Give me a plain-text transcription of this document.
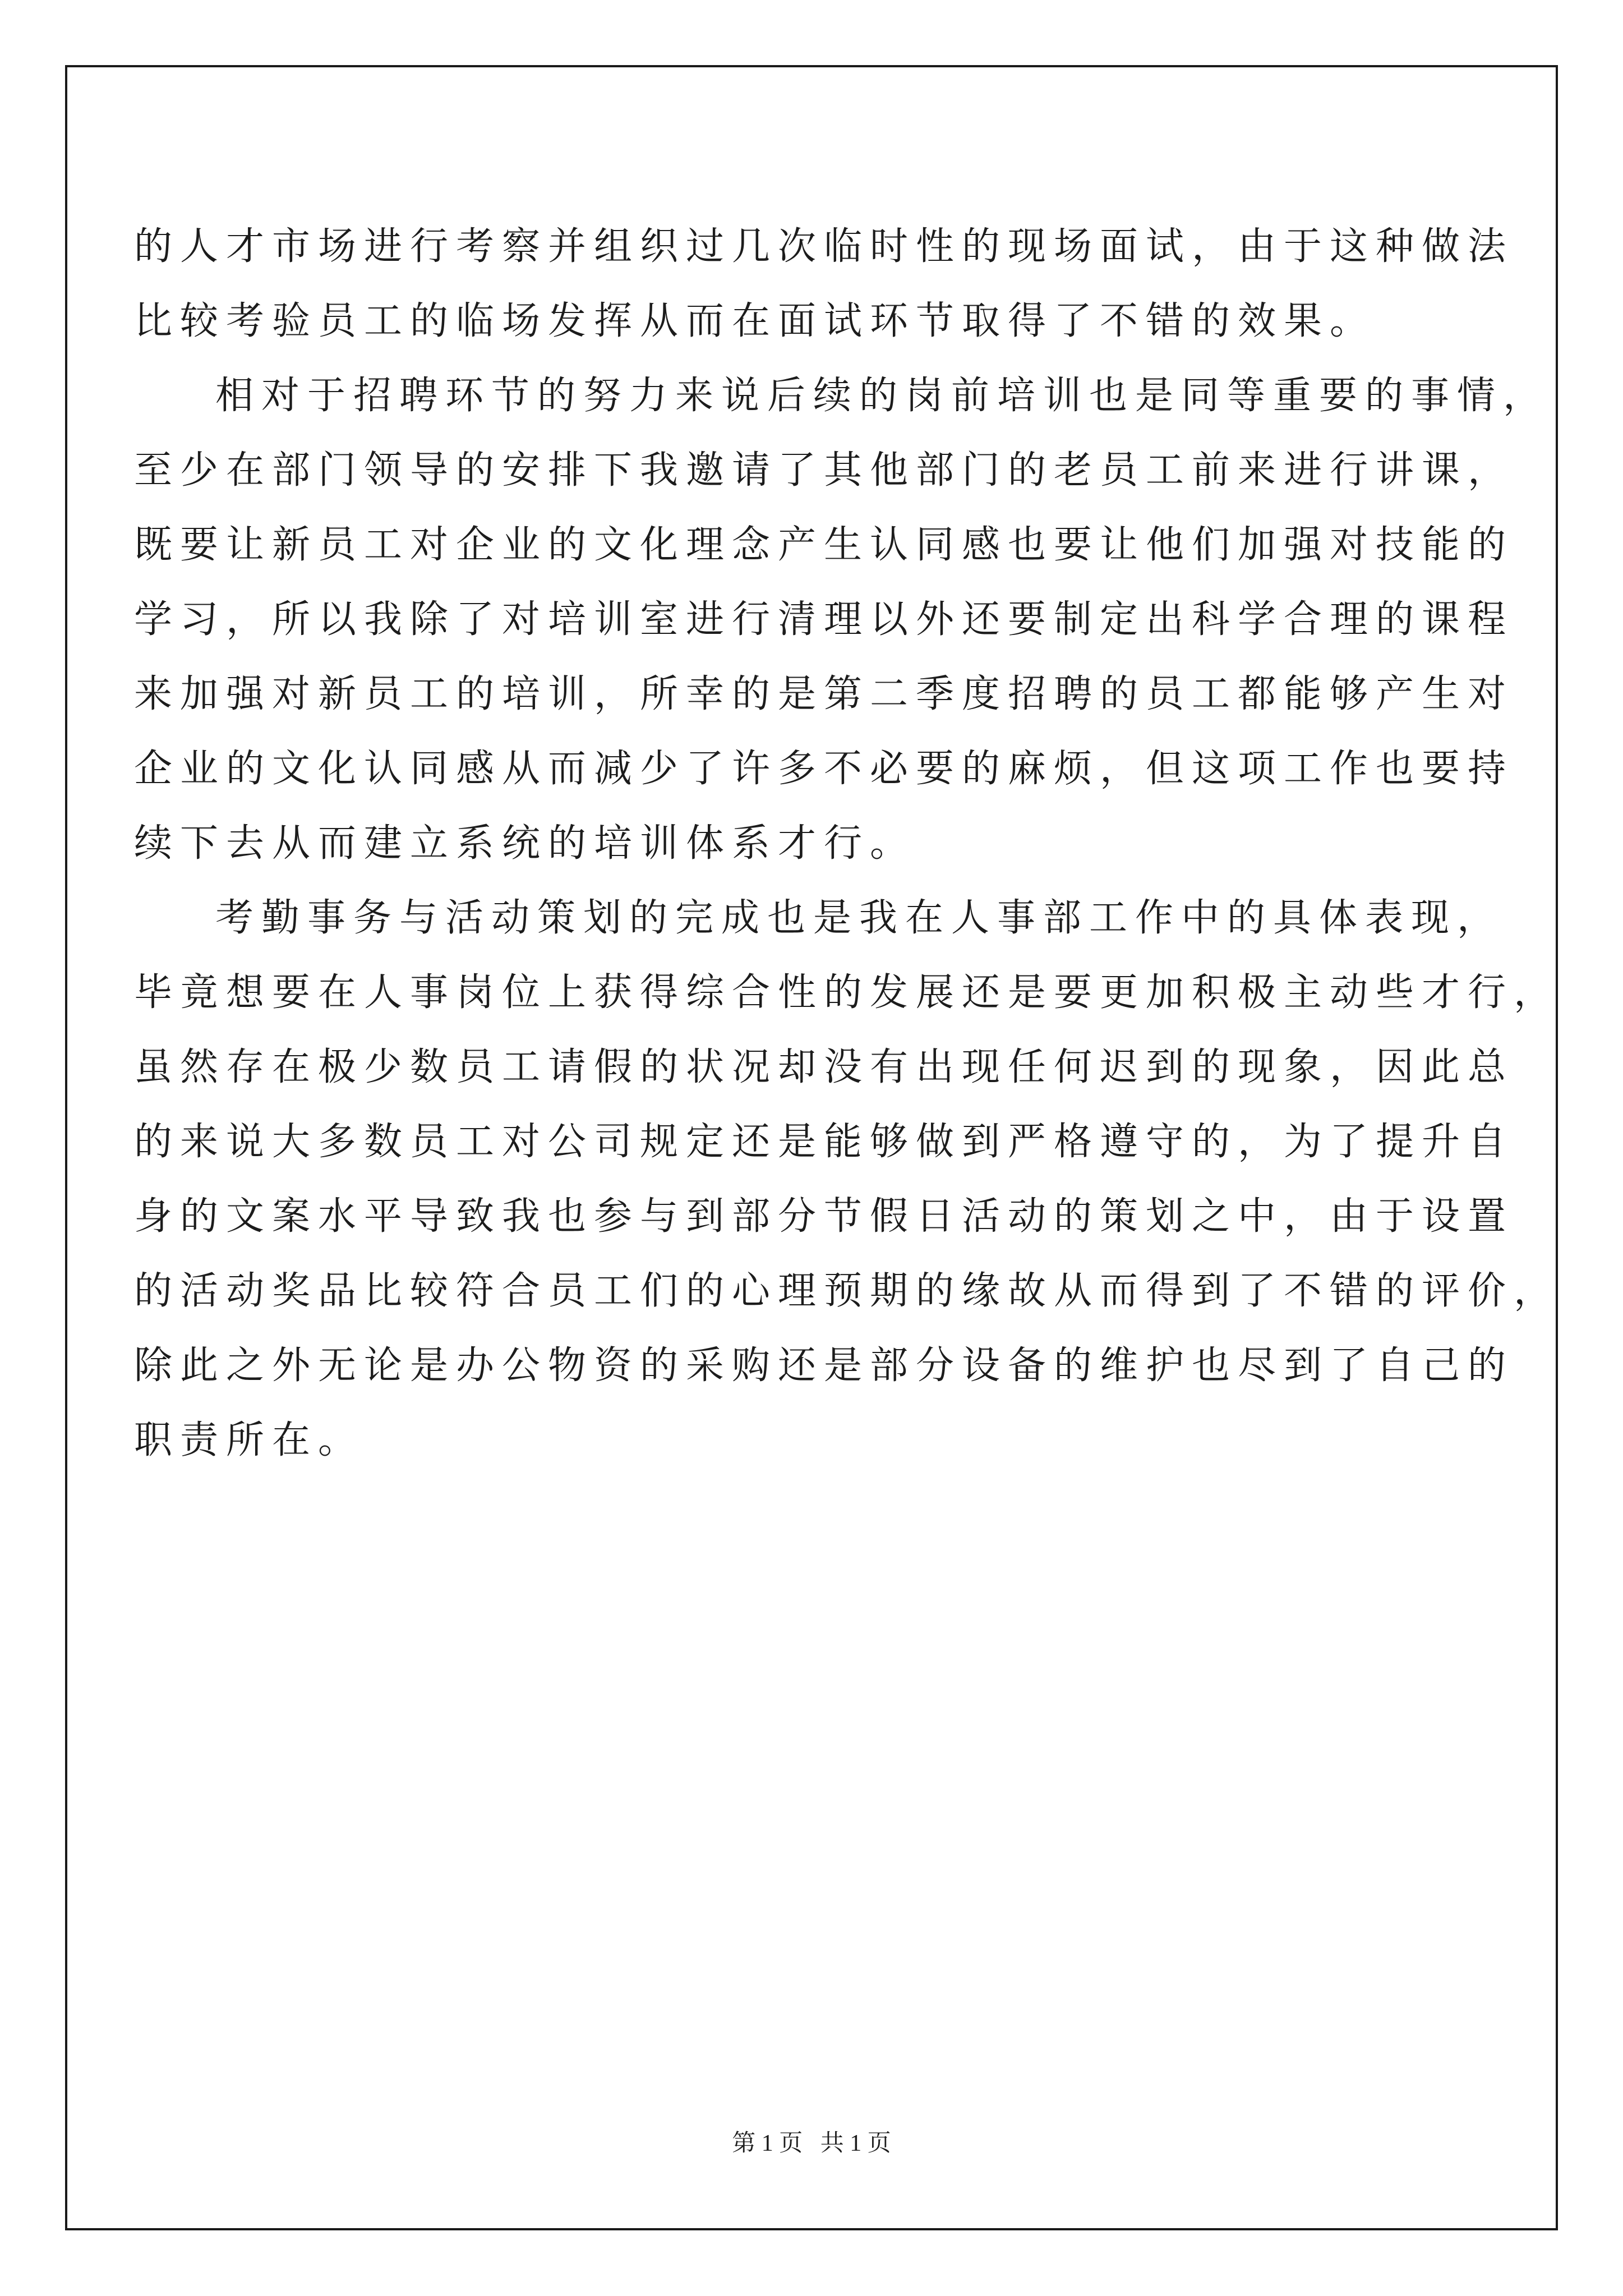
的人才市场进行考察并组织过几次临时性的现场面试，由于这种做法
比较考验员工的临场发挥从而在面试环节取得了不错的效果。
相对于招聘环节的努力来说后续的岗前培训也是同等重要的事情，
至少在部门领导的安排下我邀请了其他部门的老员工前来进行讲课，
既要让新员工对企业的文化理念产生认同感也要让他们加强对技能的
学习，所以我除了对培训室进行清理以外还要制定出科学合理的课程
来加强对新员工的培训，所幸的是第二季度招聘的员工都能够产生对
企业的文化认同感从而减少了许多不必要的麻烦，但这项工作也要持
续下去从而建立系统的培训体系才行。
考勤事务与活动策划的完成也是我在人事部工作中的具体表现，
毕竟想要在人事岗位上获得综合性的发展还是要更加积极主动些才行，
虽然存在极少数员工请假的状况却没有出现任何迟到的现象，因此总
的来说大多数员工对公司规定还是能够做到严格遵守的，为了提升自
身的文案水平导致我也参与到部分节假日活动的策划之中，由于设置
的活动奖品比较符合员工们的心理预期的缘故从而得到了不错的评价，
除此之外无论是办公物资的采购还是部分设备的维护也尽到了自己的
职责所在。
第 1 页   共 1 页
